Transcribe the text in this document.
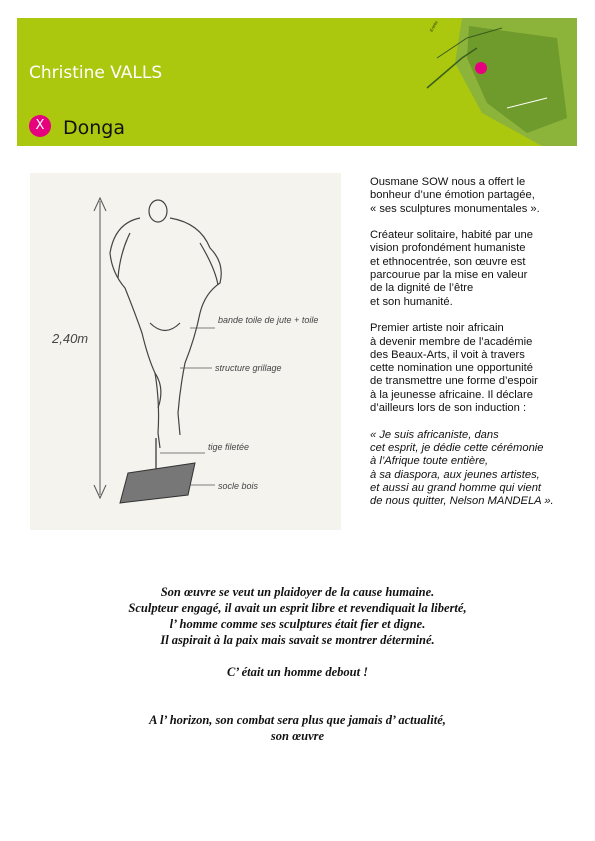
Christine VALLS
X Donga
Entrée
2,40m
bande toile de jute + toile
structure grillage
tige filetée
socle bois

Ousmane SOW nous a offert le
bonheur d’une émotion partagée,
« ses sculptures monumentales ».

Créateur solitaire, habité par une
vision profondément humaniste
et ethnocentrée, son œuvre est
parcourue par la mise en valeur
de la dignité de l’être
et son humanité.

Premier artiste noir africain
à devenir membre de l’académie
des Beaux-Arts, il voit à travers
cette nomination une opportunité
de transmettre une forme d’espoir
à la jeunesse africaine. Il déclare
d’ailleurs lors de son induction :

« Je suis africaniste, dans
cet esprit, je dédie cette cérémonie
à l’Afrique toute entière,
à sa diaspora, aux jeunes artistes,
et aussi au grand homme qui vient
de nous quitter, Nelson MANDELA ».

Son œuvre se veut un plaidoyer de la cause humaine.
Sculpteur engagé, il avait un esprit libre et revendiquait la liberté,
l’ homme comme ses sculptures était fier et digne.
Il aspirait à la paix mais savait se montrer déterminé.

C’ était un homme debout !

A l’ horizon, son combat sera plus que jamais d’ actualité,
son œuvre
